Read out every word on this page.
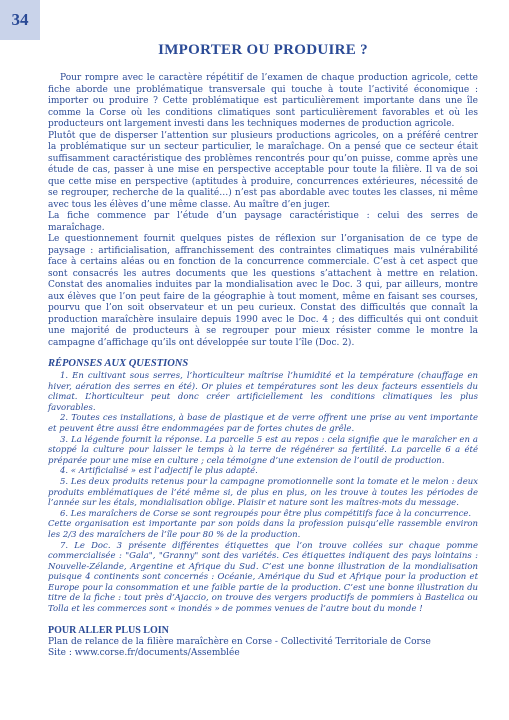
34
IMPORTER OU PRODUIRE ?

Pour rompre avec le caractère répétitif de l’examen de chaque production agricole, cette fiche aborde une problématique transversale qui touche à toute l’activité économique : importer ou produire ? Cette problématique est particulièrement importante dans une île comme la Corse où les conditions climatiques sont particulièrement favorables et où les producteurs ont largement investi dans les techniques modernes de production agricole.

Plutôt que de disperser l’attention sur plusieurs productions agricoles, on a préféré centrer la problématique sur un secteur particulier, le maraîchage. On a pensé que ce secteur était suffisamment caractéristique des problèmes rencontrés pour qu’on puisse, comme après une étude de cas, passer à une mise en perspective acceptable pour toute la filière. Il va de soi que cette mise en perspective (aptitudes à produire, concurrences extérieures, nécessité de se regrouper, recherche de la qualité…) n’est pas abordable avec toutes les classes, ni même avec tous les élèves d’une même classe. Au maître d’en juger.

La fiche commence par l’étude d’un paysage caractéristique : celui des serres de maraîchage.

Le questionnement fournit quelques pistes de réflexion sur l’organisation de ce type de paysage : artificialisation, affranchissement des contraintes climatiques mais vulnérabilité face à certains aléas ou en fonction de la concurrence commerciale. C’est à cet aspect que sont consacrés les autres documents que les questions s’attachent à mettre en relation. Constat des anomalies induites par la mondialisation avec le Doc. 3 qui, par ailleurs, montre aux élèves que l’on peut faire de la géographie à tout moment, même en faisant ses courses, pourvu que l’on soit observateur et un peu curieux. Constat des difficultés que connaît la production maraîchère insulaire depuis 1990 avec le Doc. 4 ; des difficultés qui ont conduit une majorité de producteurs à se regrouper pour mieux résister comme le montre la campagne d’affichage qu’ils ont développée sur toute l’île (Doc. 2).

RÉPONSES AUX QUESTIONS

1. En cultivant sous serres, l’horticulteur maîtrise l’humidité et la température (chauffage en hiver, aération des serres en été). Or pluies et températures sont les deux facteurs essentiels du climat. L’horticulteur peut donc créer artificiellement les conditions climatiques les plus favorables.

2. Toutes ces installations, à base de plastique et de verre offrent une prise au vent importante et peuvent être aussi être endommagées par de fortes chutes de grêle.

3. La légende fournit la réponse. La parcelle 5 est au repos : cela signifie que le maraîcher en a stoppé la culture pour laisser le temps à la terre de régénérer sa fertilité. La parcelle 6 a été préparée pour une mise en culture ; cela témoigne d’une extension de l’outil de production.

4. « Artificialisé » est l’adjectif le plus adapté.

5. Les deux produits retenus pour la campagne promotionnelle sont la tomate et le melon : deux produits emblématiques de l’été même si, de plus en plus, on les trouve à toutes les périodes de l’année sur les étals, mondialisation oblige. Plaisir et nature sont les maîtres-mots du message.

6. Les maraîchers de Corse se sont regroupés pour être plus compétitifs face à la concurrence.

Cette organisation est importante par son poids dans la profession puisqu’elle rassemble environ les 2/3 des maraîchers de l’île pour 80 % de la production.

7. Le Doc. 3 présente différentes étiquettes que l’on trouve collées sur chaque pomme commercialisée : "Gala", "Granny" sont des variétés. Ces étiquettes indiquent des pays lointains : Nouvelle-Zélande, Argentine et Afrique du Sud. C’est une bonne illustration de la mondialisation puisque 4 continents sont concernés : Océanie, Amérique du Sud et Afrique pour la production et Europe pour la consommation et une faible partie de la production. C’est une bonne illustration du titre de la fiche : tout près d’Ajaccio, on trouve des vergers productifs de pommiers à Bastelica ou Tolla et les commerces sont « inondés » de pommes venues de l’autre bout du monde !

POUR ALLER PLUS LOIN

Plan de relance de la filière maraîchère en Corse - Collectivité Territoriale de Corse

Site : www.corse.fr/documents/Assemblée
